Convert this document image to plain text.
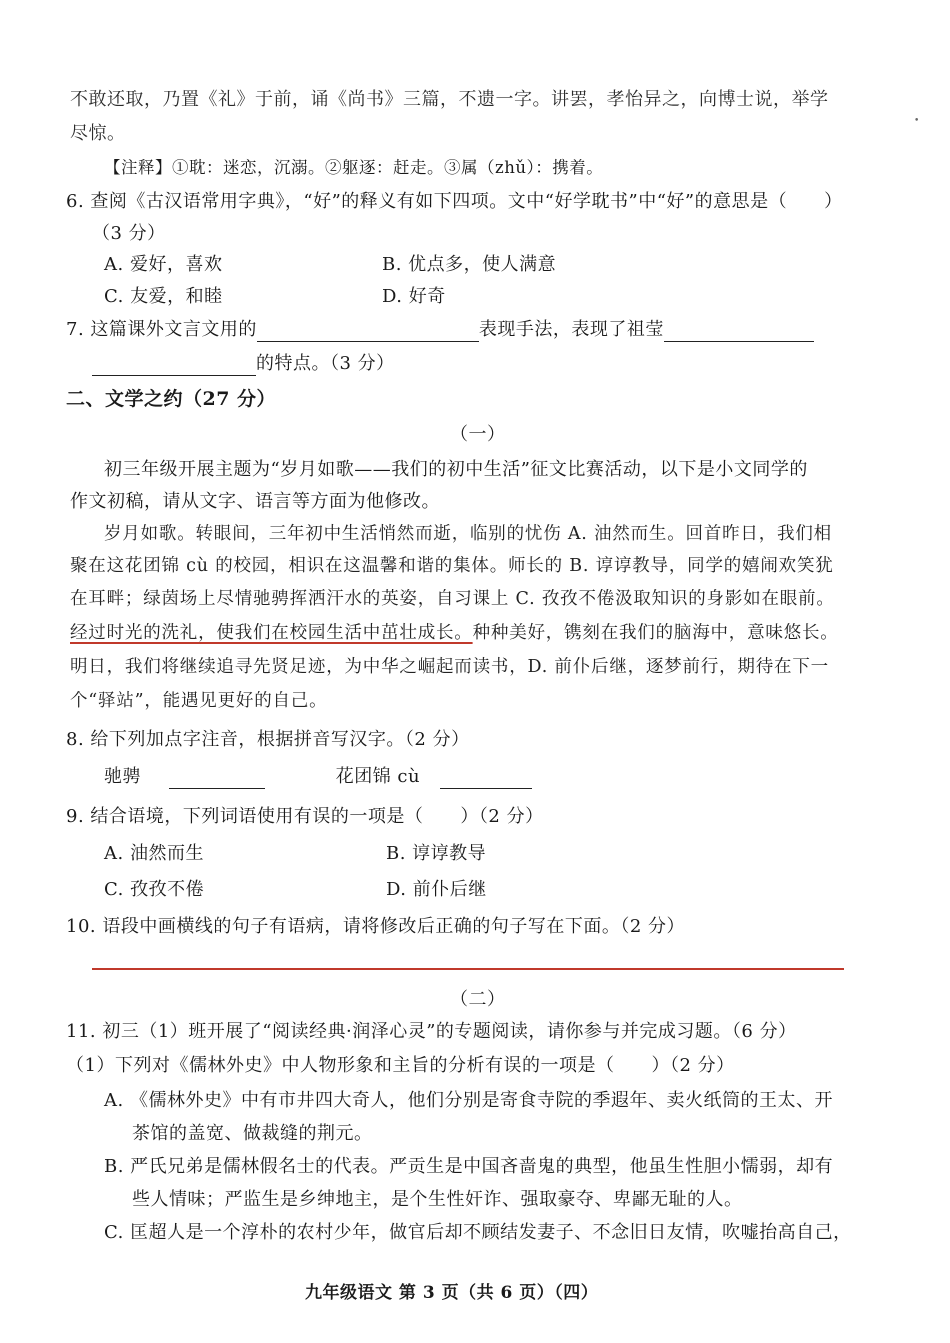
不敢还取，乃置《礼》于前，诵《尚书》三篇，不遗一字。讲罢，孝怡异之，向博士说，举学
尽惊。
【注释】①耽：迷恋，沉溺。②躯逐：赶走。③属（zhǔ）：携着。
•
6. 查阅《古汉语常用字典》，“好”的释义有如下四项。文中“好学耽书”中“好”的意思是（　　）
（3 分）
A. 爱好，喜欢	B. 优点多，使人满意
C. 友爱，和睦	D. 好奇
7. 这篇课外文言文用的	表现手法，表现了祖莹
的特点。（3 分）
二、文学之约（27 分）
（一）
初三年级开展主题为“岁月如歌——我们的初中生活”征文比赛活动，以下是小文同学的
作文初稿，请从文字、语言等方面为他修改。
岁月如歌。转眼间，三年初中生活悄然而逝，临别的忧伤 A. 油然而生。回首昨日，我们相
聚在这花团锦 cù 的校园，相识在这温馨和谐的集体。师长的 B. 谆谆教导，同学的嬉闹欢笑犹
在耳畔；绿茵场上尽情驰骋挥洒汗水的英姿，自习课上 C. 孜孜不倦汲取知识的身影如在眼前。
经过时光的洗礼，使我们在校园生活中茁壮成长。种种美好，镌刻在我们的脑海中，意味悠长。
明日，我们将继续追寻先贤足迹，为中华之崛起而读书，D. 前仆后继，逐梦前行，期待在下一
个“驿站”，能遇见更好的自己。
8. 给下列加点字注音，根据拼音写汉字。（2 分）
驰骋	花团锦 cù
9. 结合语境，下列词语使用有误的一项是（　　）（2 分）
A. 油然而生	B. 谆谆教导
C. 孜孜不倦	D. 前仆后继
10. 语段中画横线的句子有语病，请将修改后正确的句子写在下面。（2 分）
（二）
11. 初三（1）班开展了“阅读经典·润泽心灵”的专题阅读，请你参与并完成习题。（6 分）
（1）下列对《儒林外史》中人物形象和主旨的分析有误的一项是（　　）（2 分）
A. 《儒林外史》中有市井四大奇人，他们分别是寄食寺院的季遐年、卖火纸筒的王太、开
茶馆的盖宽、做裁缝的荆元。
B. 严氏兄弟是儒林假名士的代表。严贡生是中国吝啬鬼的典型，他虽生性胆小懦弱，却有
些人情味；严监生是乡绅地主，是个生性奸诈、强取豪夺、卑鄙无耻的人。
C. 匡超人是一个淳朴的农村少年，做官后却不顾结发妻子、不念旧日友情，吹嘘抬高自己，
九年级语文 第 3 页（共 6 页）（四）
